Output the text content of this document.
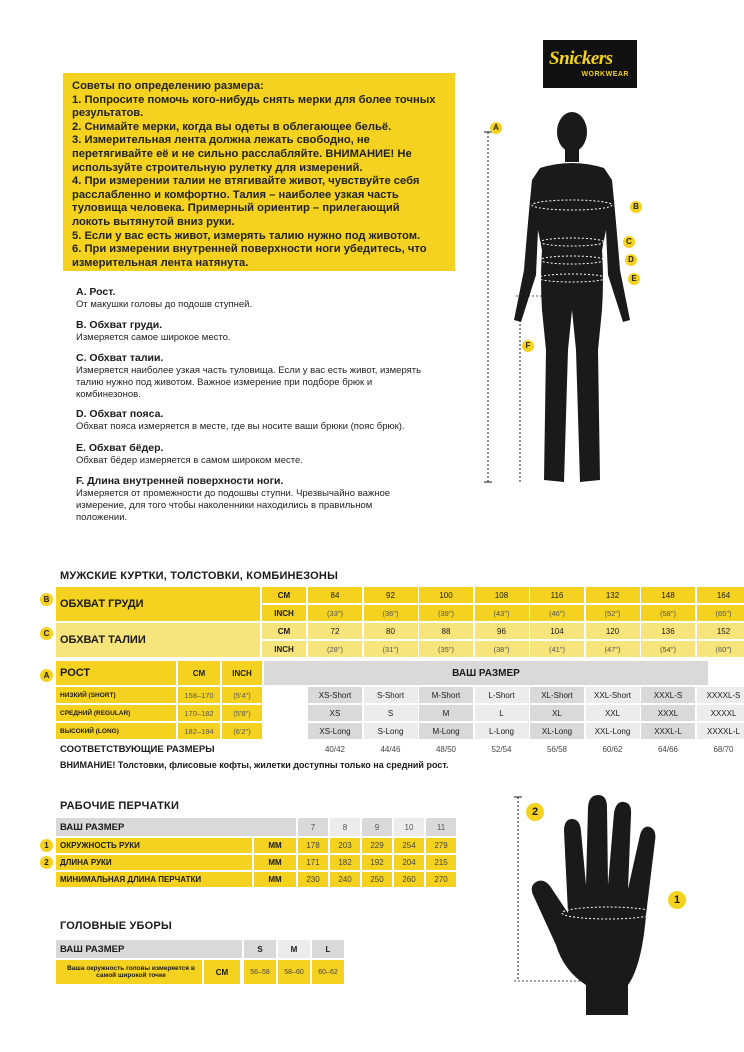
Snickers
WORKWEAR
Советы по определению размера:
1. Попросите помочь кого-нибудь снять мерки для более точных
результатов.
2. Снимайте мерки, когда вы одеты в облегающее бельё.
3. Измерительная лента должна лежать свободно, не
перетягивайте её и не сильно расслабляйте. ВНИМАНИЕ! Не
используйте строительную рулетку для измерений.
4. При измерении талии не втягивайте живот, чувствуйте себя
расслабленно и комфортно. Талия – наиболее узкая часть
туловища человека. Примерный ориентир – прилегающий
локоть вытянутой вниз руки.
5. Если у вас есть живот, измерять талию нужно под животом.
6. При измерении внутренней поверхности ноги убедитесь, что
измерительная лента натянута.
A. Рост.
От макушки головы до подошв ступней.
B. Обхват груди.
Измеряется самое широкое место.
C. Обхват талии.
Измеряется наиболее узкая часть туловища. Если у вас есть живот, измерять
талию нужно под животом. Важное измерение при подборе брюк и
комбинезонов.
D. Обхват пояса.
Обхват пояса измеряется в месте, где вы носите ваши брюки (пояс брюк).
E. Обхват бёдер.
Обхват бёдер измеряется в самом широком месте.
F. Длина внутренней поверхности ноги.
Измеряется от промежности до подошвы ступни. Чрезвычайно важное
измерение, для того чтобы наколенники находились в правильном
положении.
A
B
C
D
E
F
МУЖСКИЕ КУРТКИ, ТОЛСТОВКИ, КОМБИНЕЗОНЫ
B ОБХВАТ ГРУДИ
CM
INCH
84	92	100	108	116	132	148	164
(33")	(36")	(39")	(43")	(46")	(52")	(58")	(65")
C
ОБХВАТ ТАЛИИ
CM
INCH
72	80	88	96	104	120	136	152
(28")	(31")	(35")	(38")	(41")	(47")	(54")	(60")
A РОСТ	CM	INCH	ВАШ РАЗМЕР
НИЗКИЙ (SHORT)	158–170	(5'4")	XS-Short	S-Short	M-Short	L-Short	XL-Short	XXL-Short	XXXL-S	XXXXL-S
СРЕДНИЙ (REGULAR)	170–182	(5'8")	XS	S	M	L	XL	XXL	XXXL	XXXXL
ВЫСОКИЙ (LONG)	182–194	(6'2")	XS-Long	S-Long	M-Long	L-Long	XL-Long	XXL-Long	XXXL-L	XXXXL-L
СООТВЕТСТВУЮЩИЕ РАЗМЕРЫ	40/42	44/46	48/50	52/54	56/58	60/62	64/66	68/70
ВНИМАНИЕ! Толстовки, флисовые кофты, жилетки доступны только на средний рост.
РАБОЧИЕ ПЕРЧАТКИ
ВАШ РАЗМЕР	7	8	9	10	11
1	ОКРУЖНОСТЬ РУКИ	MM	178	203	229	254	279
2	ДЛИНА РУКИ	MM	171	182	192	204	215
МИНИМАЛЬНАЯ ДЛИНА ПЕРЧАТКИ	MM	230	240	250	260	270
ГОЛОВНЫЕ УБОРЫ
ВАШ РАЗМЕР	S	M	L
Ваша окружность головы измеряется в самой широкой точке	CM	56–58	58–60	60–62
2
1
